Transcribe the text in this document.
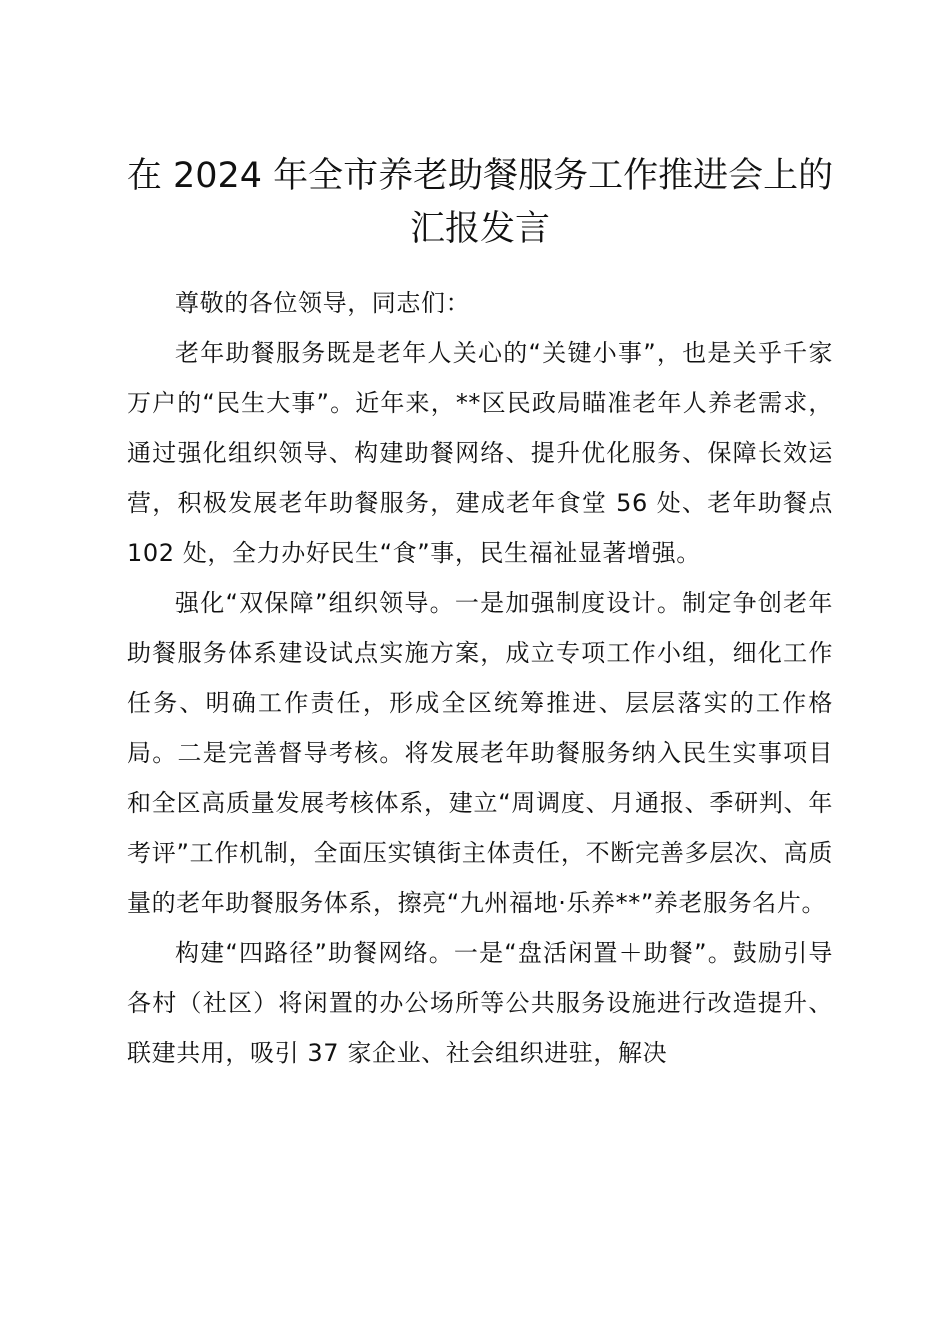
在 2024 年全市养老助餐服务工作推进会上的汇报发言

尊敬的各位领导，同志们：

老年助餐服务既是老年人关心的“关键小事”，也是关乎千家万户的“民生大事”。近年来，**区民政局瞄准老年人养老需求，通过强化组织领导、构建助餐网络、提升优化服务、保障长效运营，积极发展老年助餐服务，建成老年食堂 56 处、老年助餐点 102 处，全力办好民生“食”事，民生福祉显著增强。

强化“双保障”组织领导。一是加强制度设计。制定争创老年助餐服务体系建设试点实施方案，成立专项工作小组，细化工作任务、明确工作责任，形成全区统筹推进、层层落实的工作格局。二是完善督导考核。将发展老年助餐服务纳入民生实事项目和全区高质量发展考核体系，建立“周调度、月通报、季研判、年考评”工作机制，全面压实镇街主体责任，不断完善多层次、高质量的老年助餐服务体系，擦亮“九州福地·乐养**”养老服务名片。

构建“四路径”助餐网络。一是“盘活闲置＋助餐”。鼓励引导各村（社区）将闲置的办公场所等公共服务设施进行改造提升、联建共用，吸引 37 家企业、社会组织进驻，解决
